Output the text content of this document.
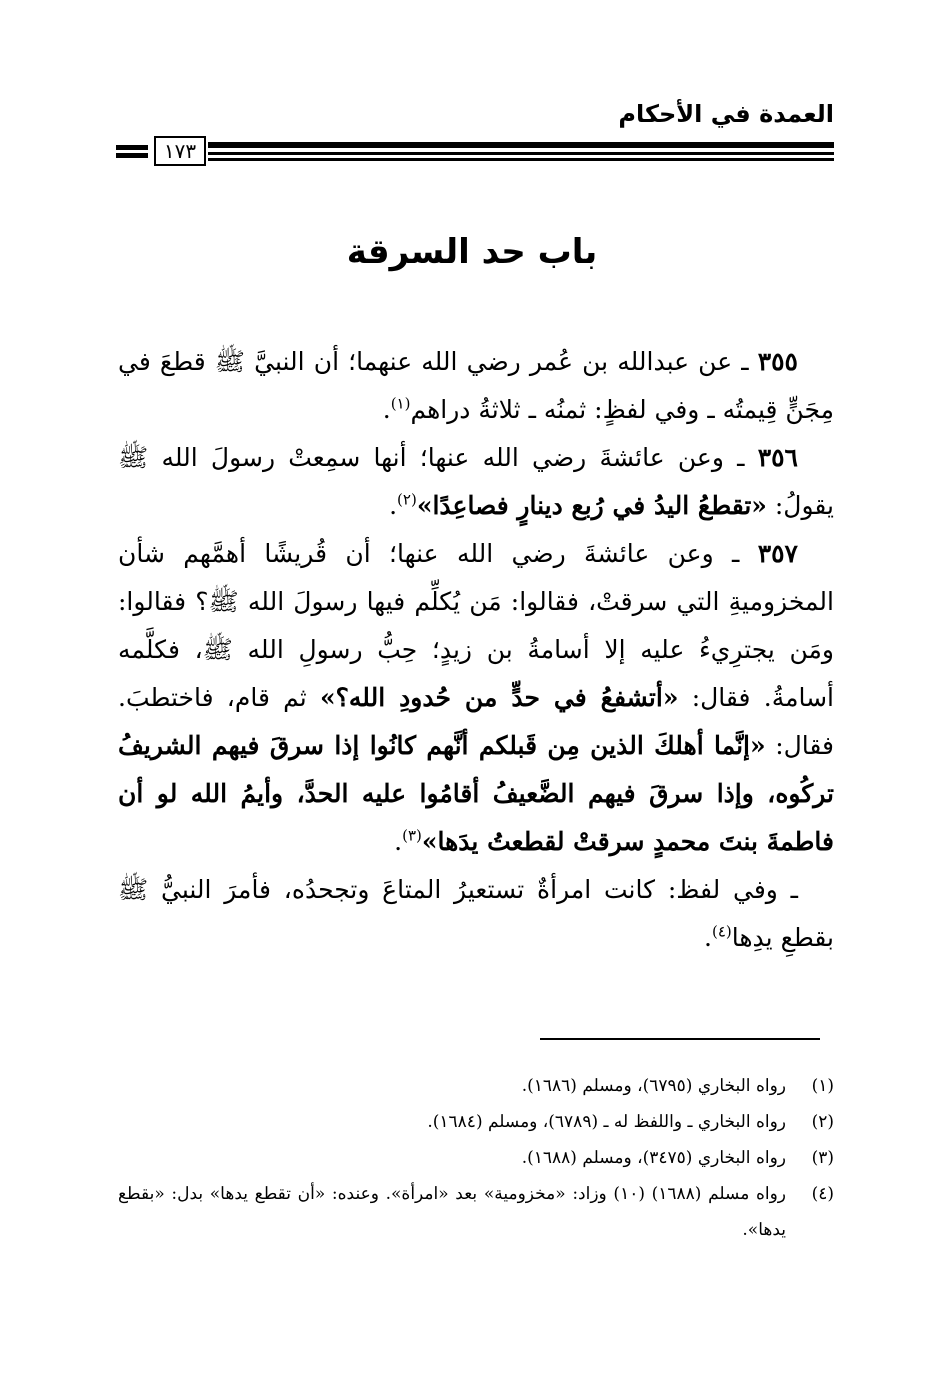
العمدة في الأحكام
١٧٣
باب حد السرقة

٣٥٥ ـ عن عبدالله بن عُمر رضي الله عنهما؛ أن النبيَّ ﷺ قطعَ في مِجَنٍّ قِيمتُه ـ وفي لفظٍ: ثمنُه ـ ثلاثةُ دراهم$^{(١)}$.

٣٥٦ ـ وعن عائشةَ رضي الله عنها؛ أنها سمِعتْ رسولَ الله ﷺ يقولُ: «تقطعُ اليدُ في رُبع دينارٍ فصاعِدًا»$^{(٢)}$.

٣٥٧ ـ وعن عائشةَ رضي الله عنها؛ أن قُريشًا أهمَّهم شأن المخزوميةِ التي سرقتْ، فقالوا: مَن يُكلِّم فيها رسولَ الله ﷺ؟ فقالوا: ومَن يجترِيءُ عليه إلا أسامةُ بن زيدٍ؛ حِبُّ رسولِ الله ﷺ، فكلَّمه أسامةُ. فقال: «أتشفعُ في حدٍّ من حُدودِ الله؟» ثم قام، فاختطبَ. فقال: «إنَّما أهلكَ الذين مِن قَبلكم أنَّهم كانُوا إذا سرقَ فيهم الشريفُ تركُوه، وإذا سرقَ فيهم الضَّعيفُ أقامُوا عليه الحدَّ، وأيمُ الله لو أن فاطمةَ بنتَ محمدٍ سرقتْ لقطعتُ يدَها»$^{(٣)}$.

ـ وفي لفظ: كانت امرأةٌ تستعيرُ المتاعَ وتجحدُه، فأمرَ النبيُّ ﷺ بقطعِ يدِها$^{(٤)}$.

(١)رواه البخاري (٦٧٩٥)، ومسلم (١٦٨٦).

(٢)رواه البخاري ـ واللفظ له ـ (٦٧٨٩)، ومسلم (١٦٨٤).

(٣)رواه البخاري (٣٤٧٥)، ومسلم (١٦٨٨).

(٤)رواه مسلم (١٦٨٨) (١٠) وزاد: «مخزومية» بعد «امرأة». وعنده: «أن تقطع يدها» بدل: «بقطع يدها».
